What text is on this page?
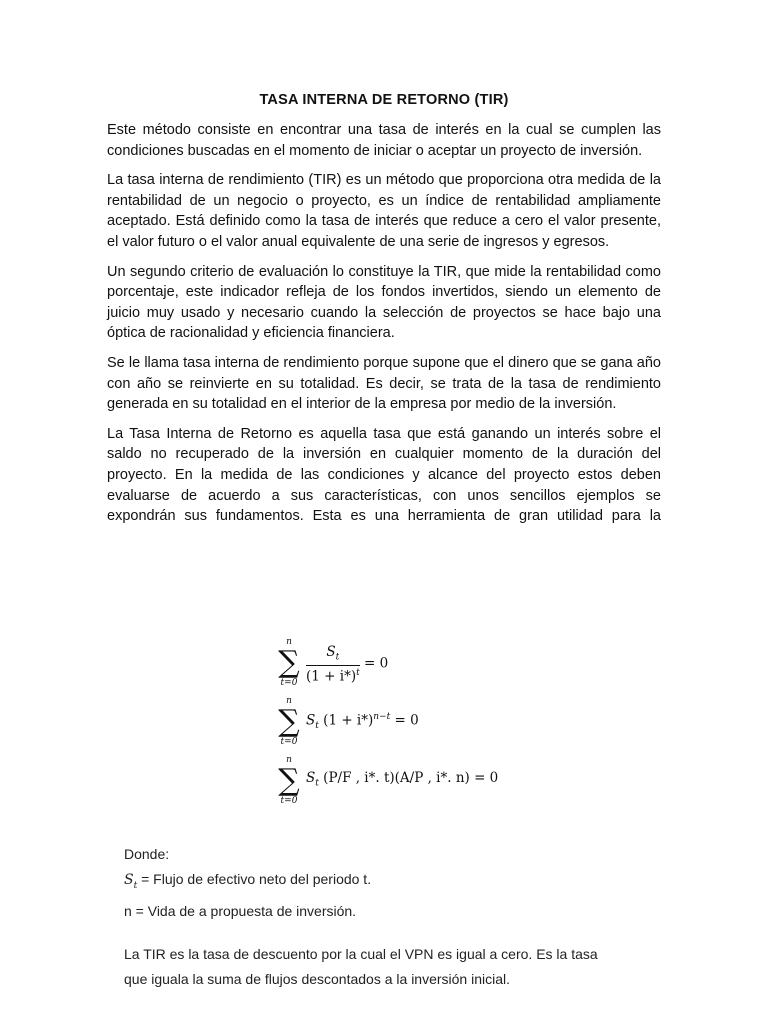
TASA INTERNA DE RETORNO (TIR)

Este método consiste en encontrar una tasa de interés en la cual se cumplen las condiciones buscadas en el momento de iniciar o aceptar un proyecto de inversión.

La tasa interna de rendimiento (TIR) es un método que proporciona otra medida de la rentabilidad de un negocio o proyecto, es un índice de rentabilidad ampliamente aceptado. Está definido como la tasa de interés que reduce a cero el valor presente, el valor futuro o el valor anual equivalente de una serie de ingresos y egresos.

Un segundo criterio de evaluación lo constituye la TIR, que mide la rentabilidad como porcentaje, este indicador refleja de los fondos invertidos, siendo un elemento de juicio muy usado y necesario cuando la selección de proyectos se hace bajo una óptica de racionalidad y eficiencia financiera.

Se le llama tasa interna de rendimiento porque supone que el dinero que se gana año con año se reinvierte en su totalidad. Es decir, se trata de la tasa de rendimiento generada en su totalidad en el interior de la empresa por medio de la inversión.

La Tasa Interna de Retorno es aquella tasa que está ganando un interés sobre el saldo no recuperado de la inversión en cualquier momento de la duración del proyecto. En la medida de las condiciones y alcance del proyecto estos deben evaluarse de acuerdo a sus características, con unos sencillos ejemplos se expondrán sus fundamentos. Esta es una herramienta de gran utilidad para la

n
∑
$t=0 \frac{S_t}{(1 + i*)^t} = 0$
n
∑
t=0
$S_t$ $(1 + i*)^{n-t} = 0$
n
∑
t=0
$S_t$ (P/F , i*. t)(A/P , i*. n) = 0

Donde:

$S_t$ = Flujo de efectivo neto del periodo t.

n = Vida de a propuesta de inversión.

La TIR es la tasa de descuento por la cual el VPN es igual a cero. Es la tasa

que iguala la suma de flujos descontados a la inversión inicial.
